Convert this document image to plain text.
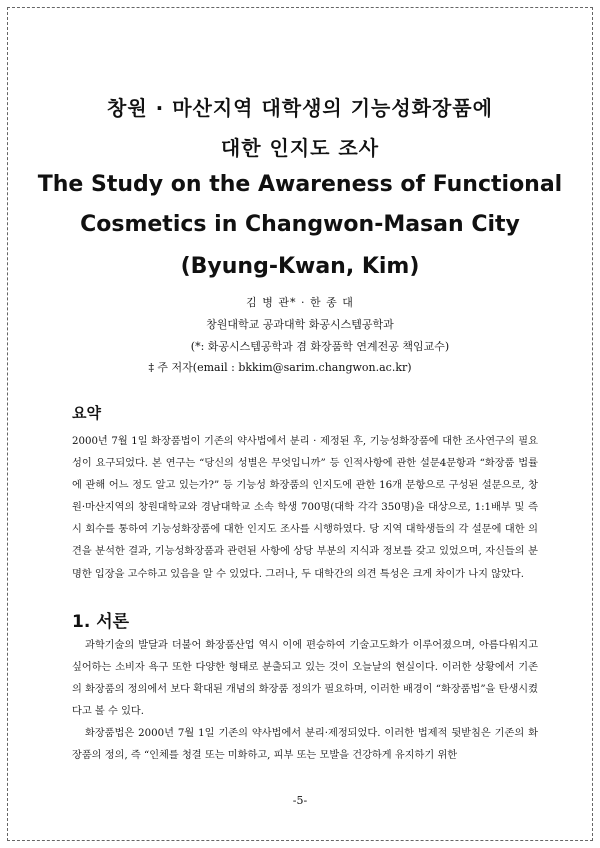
창원 · 마산지역 대학생의 기능성화장품에
대한 인지도 조사
The Study on the Awareness of Functional
Cosmetics in Changwon-Masan City
(Byung-Kwan, Kim)
김 병 관* · 한 종 대
창원대학교 공과대학 화공시스템공학과
(*: 화공시스템공학과 겸 화장품학 연계전공 책임교수)
‡ 주 저자(email : bkkim@sarim.changwon.ac.kr)
요약

2000년 7월 1일 화장품법이 기존의 약사법에서 분리 · 제정된 후, 기능성화장품에 대한 조사연구의 필요성이 요구되었다. 본 연구는 “당신의 성별은 무엇입니까” 등 인적사항에 관한 설문4문항과 “화장품 법률에 관해 어느 정도 알고 있는가?” 등 기능성 화장품의 인지도에 관한 16개 문항으로 구성된 설문으로, 창원·마산지역의 창원대학교와 경남대학교 소속 학생 700명(대학 각각 350명)을 대상으로, 1:1배부 및 즉시 회수를 통하여 기능성화장품에 대한 인지도 조사를 시행하였다. 당 지역 대학생들의 각 설문에 대한 의견을 분석한 결과, 기능성화장품과 관련된 사항에 상당 부분의 지식과 정보를 갖고 있었으며, 자신들의 분명한 입장을 고수하고 있음을 알 수 있었다. 그러나, 두 대학간의 의견 특성은 크게 차이가 나지 않았다.

1. 서론

과학기술의 발달과 더불어 화장품산업 역시 이에 편승하여 기술고도화가 이루어졌으며, 아름다워지고 싶어하는 소비자 욕구 또한 다양한 형태로 분출되고 있는 것이 오늘날의 현실이다. 이러한 상황에서 기존의 화장품의 정의에서 보다 확대된 개념의 화장품 정의가 필요하며, 이러한 배경이 “화장품법”을 탄생시켰다고 볼 수 있다.

화장품법은 2000년 7월 1일 기존의 약사법에서 분리·제정되었다. 이러한 법제적 뒷받침은 기존의 화장품의 정의, 즉 “인체를 청결 또는 미화하고, 피부 또는 모발을 건강하게 유지하기 위한

-5-
